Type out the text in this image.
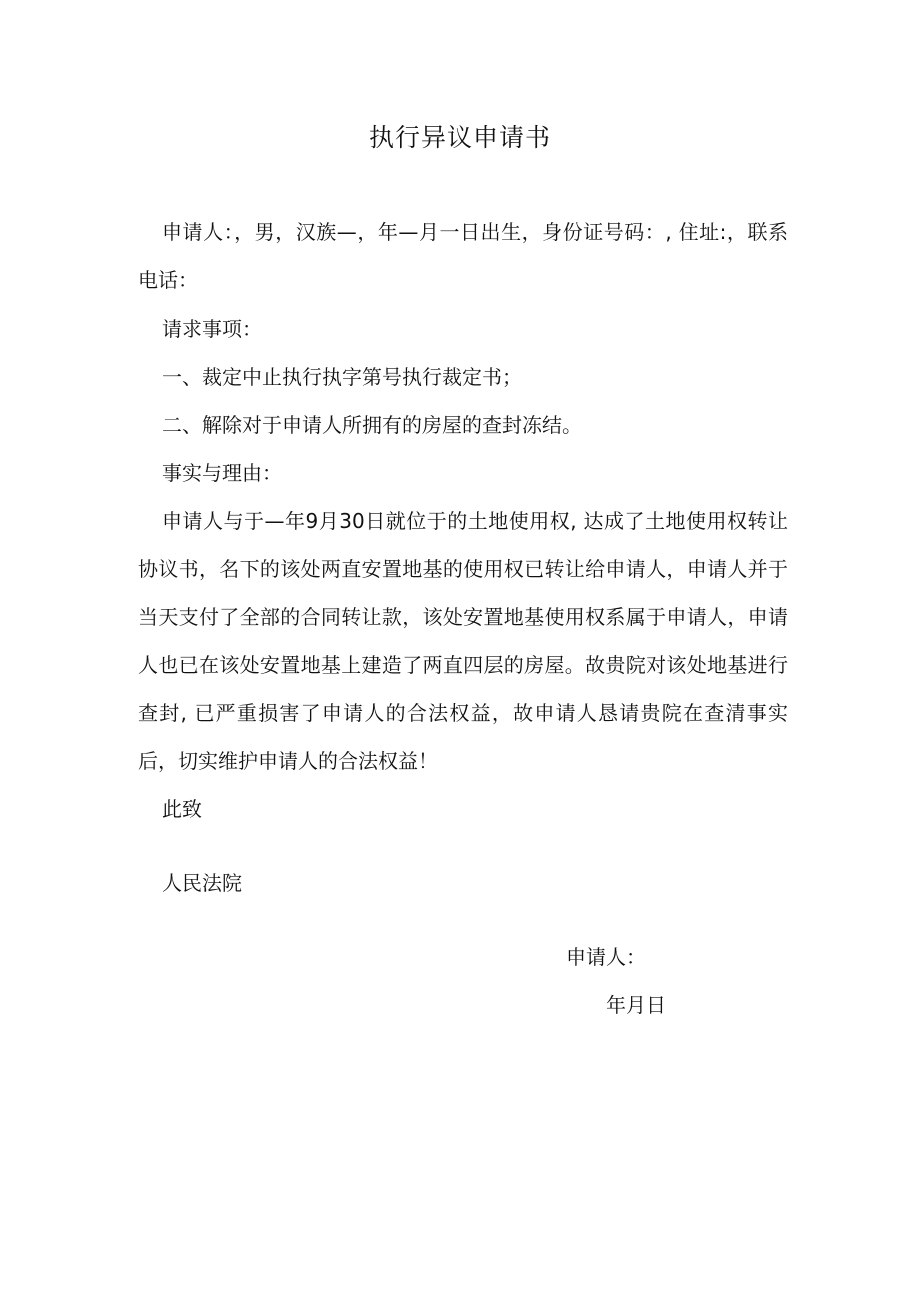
执行异议申请书

申请人：，男，汉族—，年—月一日出生，身份证号码：, 住址:，联系电话：

请求事项：
一、裁定中止执行执字第号执行裁定书；
二、解除对于申请人所拥有的房屋的查封冻结。
事实与理由：

申请人与于—年9月30日就位于的土地使用权, 达成了土地使用权转让协议书，名下的该处两直安置地基的使用权已转让给申请人，申请人并于当天支付了全部的合同转让款，该处安置地基使用权系属于申请人，申请人也已在该处安置地基上建造了两直四层的房屋。故贵院对该处地基进行查封, 已严重损害了申请人的合法权益，故申请人恳请贵院在查清事实后，切实维护申请人的合法权益！

此致
人民法院
申请人：
年月日
